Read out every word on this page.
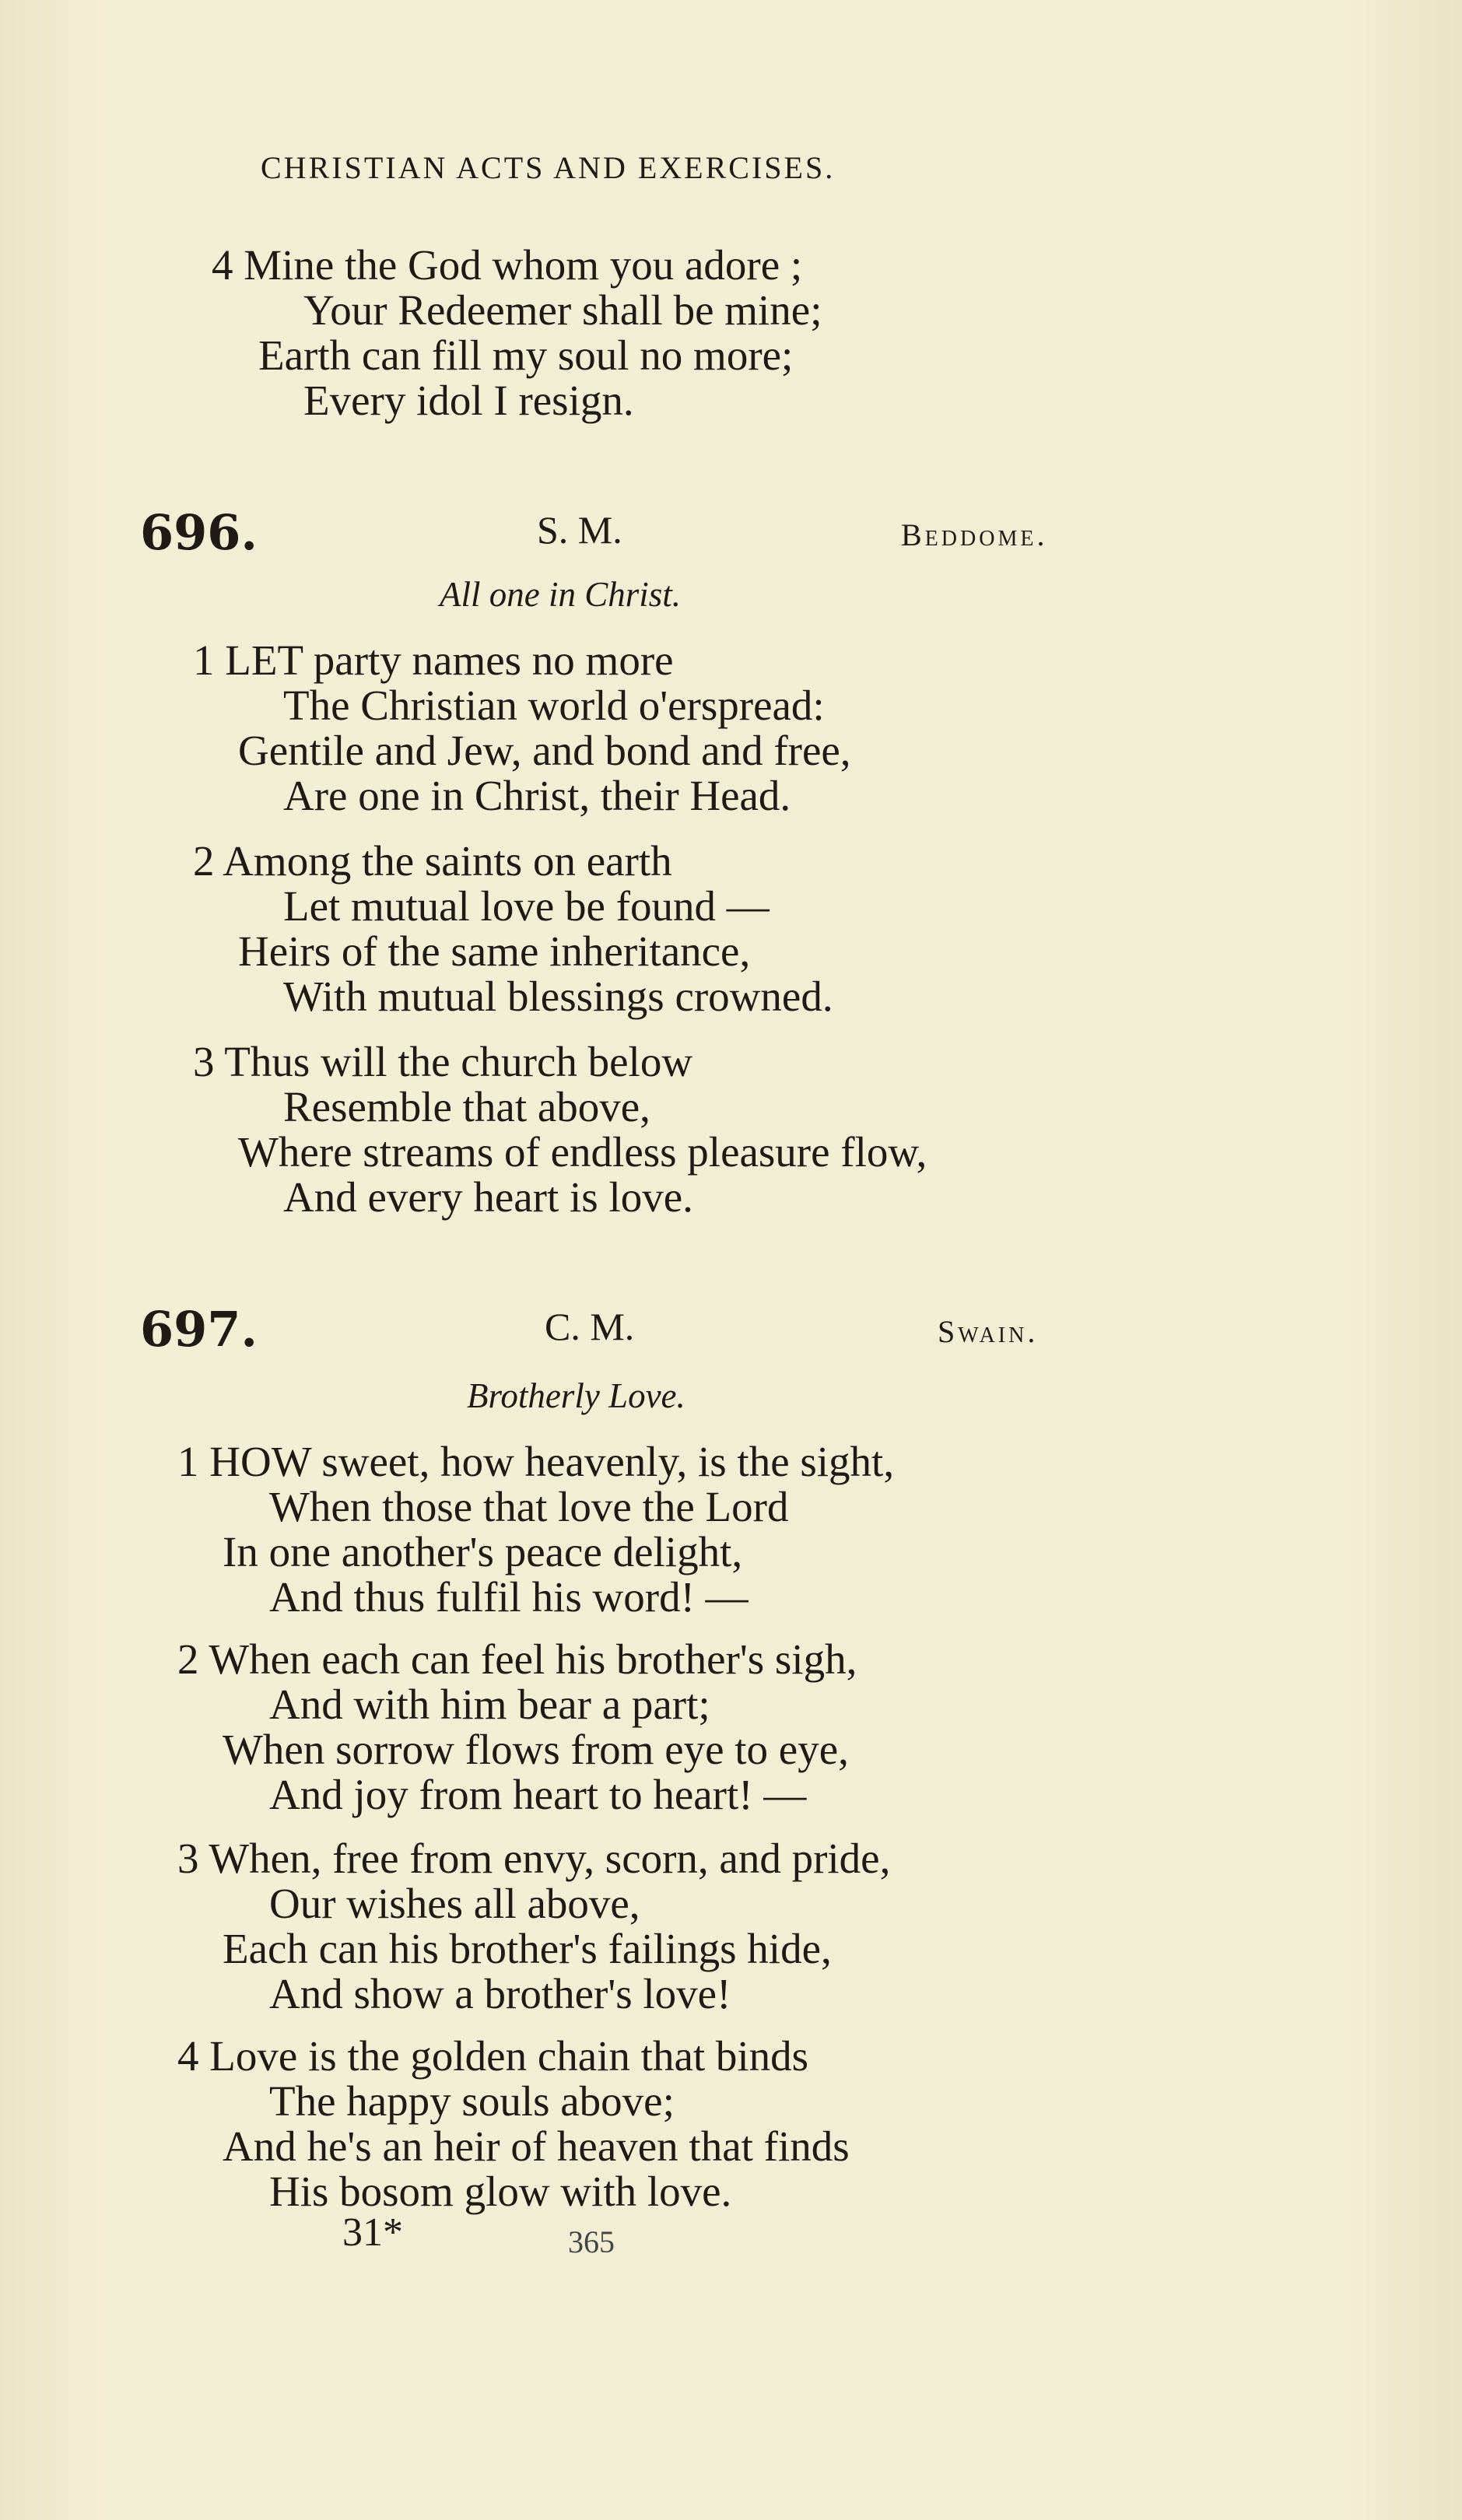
CHRISTIAN ACTS AND EXERCISES.
4 Mine the God whom you adore ;
Your Redeemer shall be mine;
Earth can fill my soul no more;
Every idol I resign.
696.	S. M.	Beddome.
All one in Christ.
1 LET party names no more
The Christian world o'erspread:
Gentile and Jew, and bond and free,
Are one in Christ, their Head.
2 Among the saints on earth
Let mutual love be found —
Heirs of the same inheritance,
With mutual blessings crowned.
3 Thus will the church below
Resemble that above,
Where streams of endless pleasure flow,
And every heart is love.
697.	C. M.	Swain.
Brotherly Love.
1 HOW sweet, how heavenly, is the sight,
When those that love the Lord
In one another's peace delight,
And thus fulfil his word! —
2 When each can feel his brother's sigh,
And with him bear a part;
When sorrow flows from eye to eye,
And joy from heart to heart! —
3 When, free from envy, scorn, and pride,
Our wishes all above,
Each can his brother's failings hide,
And show a brother's love!
4 Love is the golden chain that binds
The happy souls above;
And he's an heir of heaven that finds
His bosom glow with love.
31*	365
